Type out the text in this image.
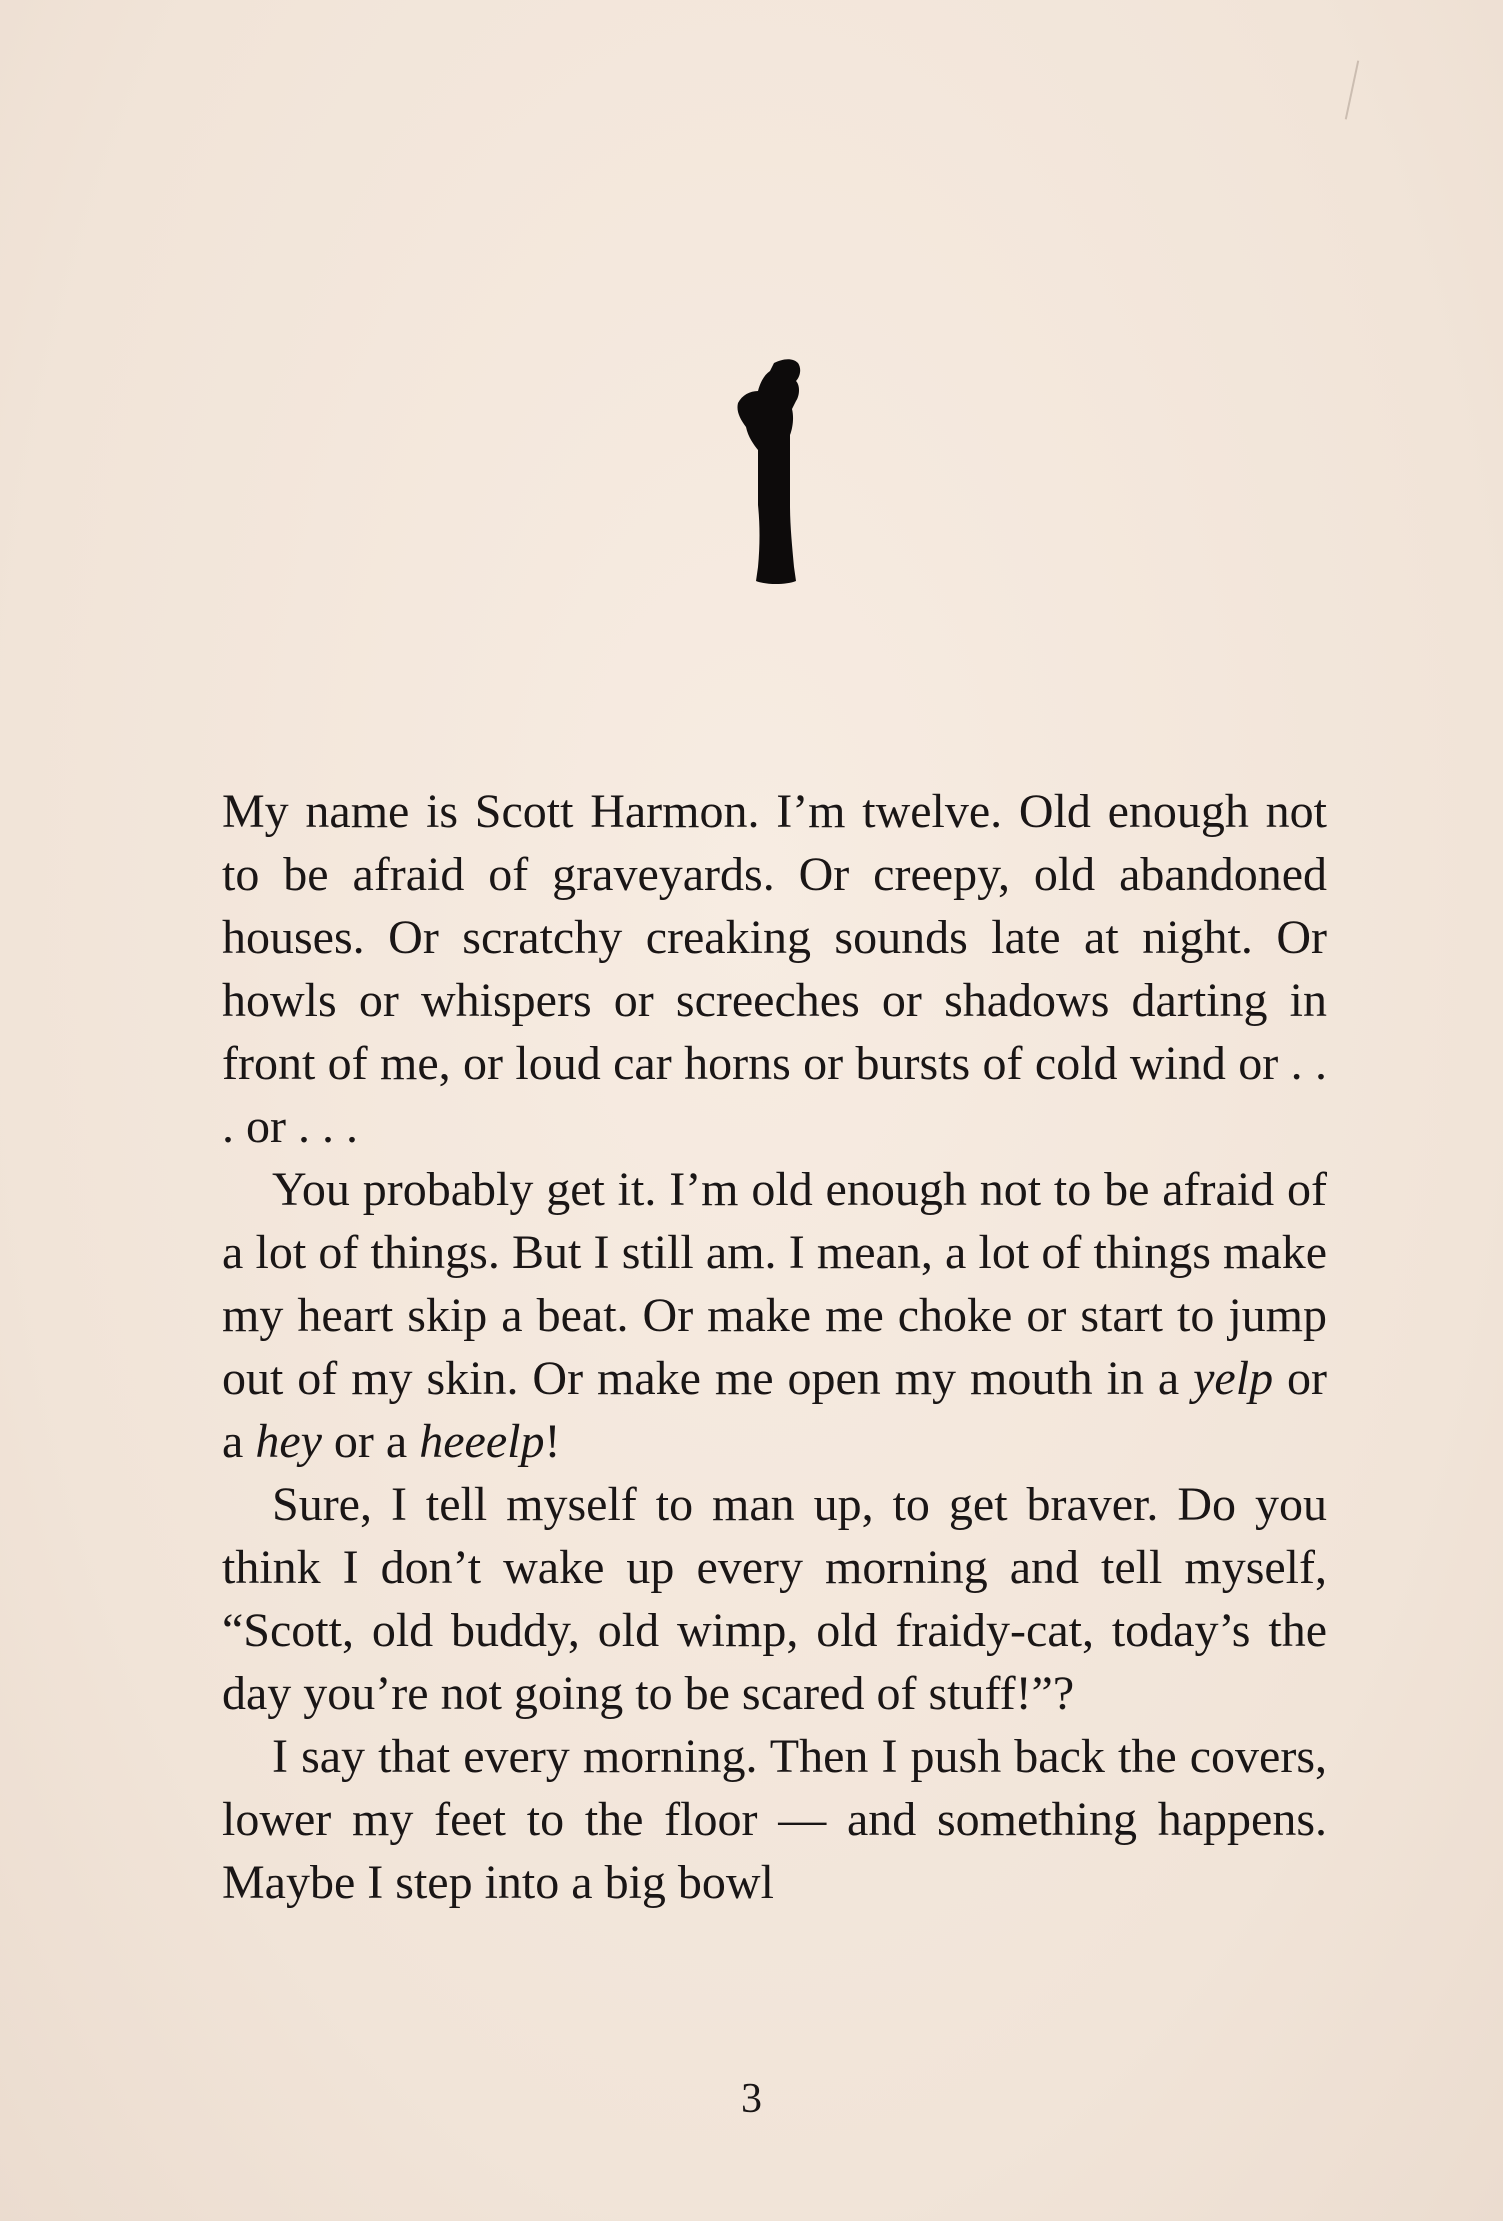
My name is Scott Harmon. I’m twelve. Old enough not to be afraid of graveyards. Or creepy, old abandoned houses. Or scratchy creaking sounds late at night. Or howls or whispers or screeches or shadows darting in front of me, or loud car horns or bursts of cold wind or . . . or . . .

You probably get it. I’m old enough not to be afraid of a lot of things. But I still am. I mean, a lot of things make my heart skip a beat. Or make me choke or start to jump out of my skin. Or make me open my mouth in a yelp or a hey or a heeelp!

Sure, I tell myself to man up, to get braver. Do you think I don’t wake up every morning and tell myself, “Scott, old buddy, old wimp, old fraidy-cat, today’s the day you’re not going to be scared of stuff!”?

I say that every morning. Then I push back the covers, lower my feet to the floor — and something happens. Maybe I step into a big bowl

3
